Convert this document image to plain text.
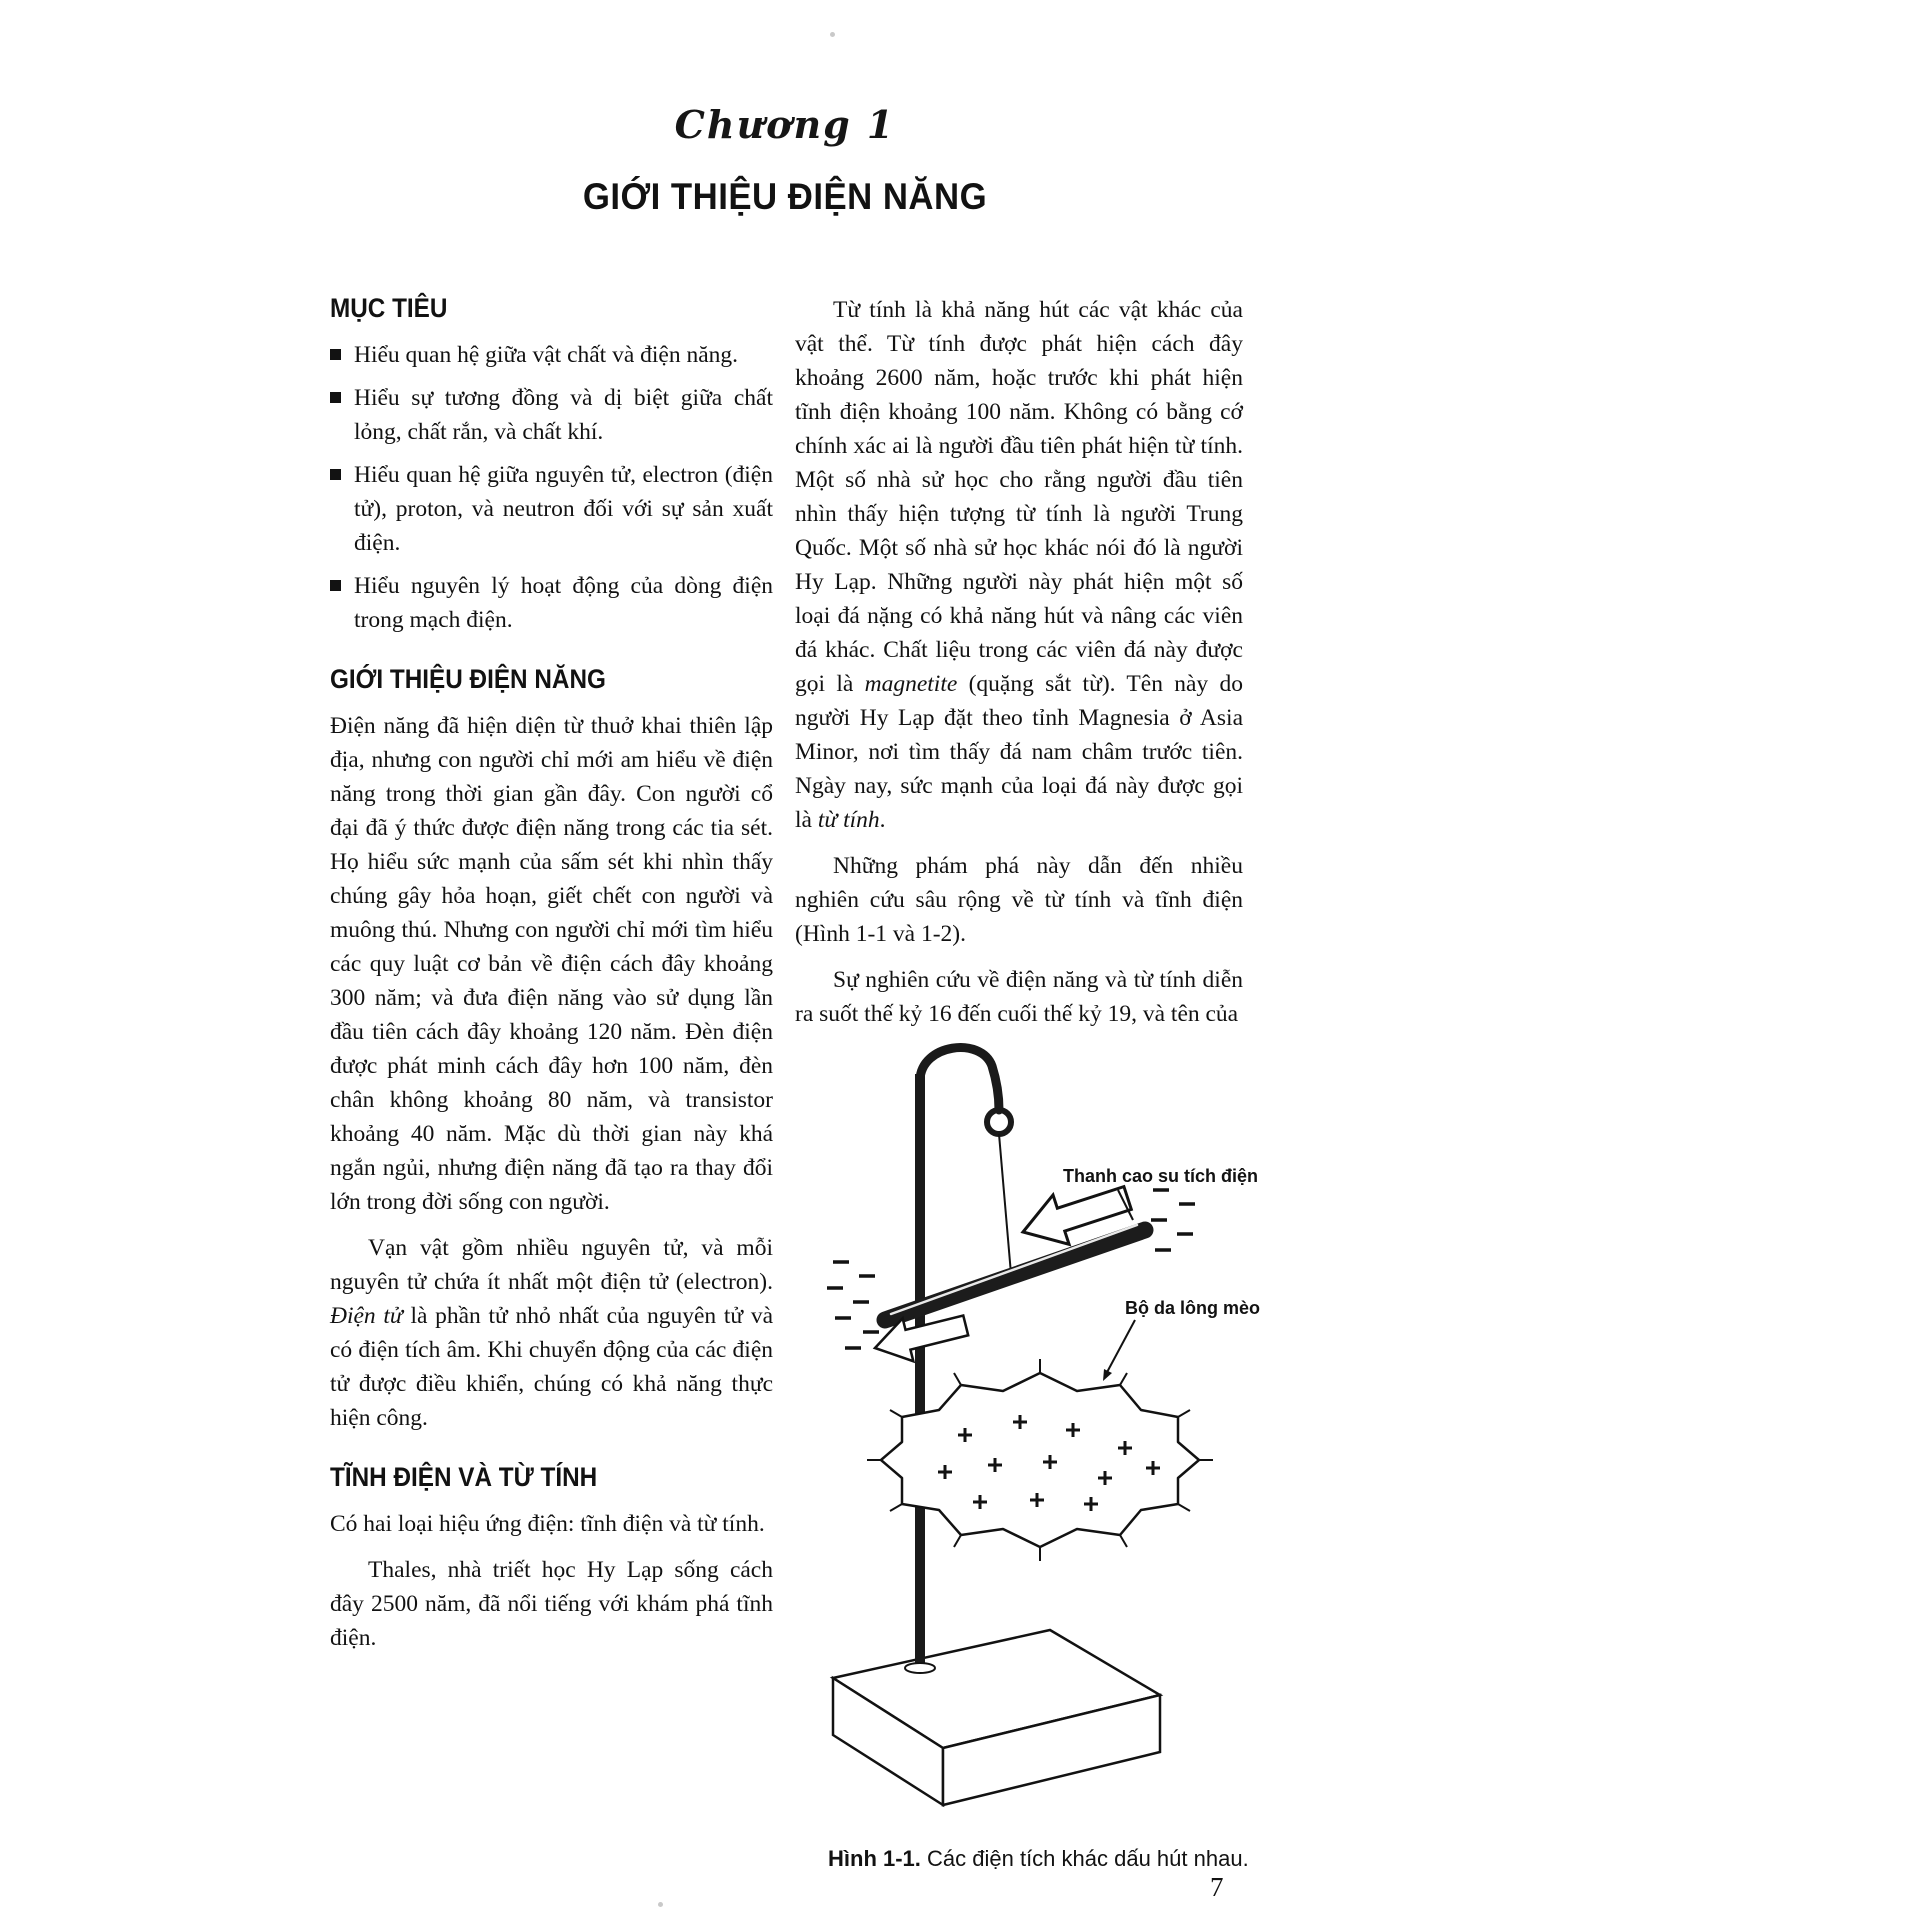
Chương 1
GIỚI THIỆU ĐIỆN NĂNG
MỤC TIÊU
Hiểu quan hệ giữa vật chất và điện năng.
Hiểu sự tương đồng và dị biệt giữa chất lỏng, chất rắn, và chất khí.
Hiểu quan hệ giữa nguyên tử, electron (điện tử), proton, và neutron đối với sự sản xuất điện.
Hiểu nguyên lý hoạt động của dòng điện trong mạch điện.
GIỚI THIỆU ĐIỆN NĂNG

Điện năng đã hiện diện từ thuở khai thiên lập địa, nhưng con người chỉ mới am hiểu về điện năng trong thời gian gần đây. Con người cổ đại đã ý thức được điện năng trong các tia sét. Họ hiểu sức mạnh của sấm sét khi nhìn thấy chúng gây hỏa hoạn, giết chết con người và muông thú. Nhưng con người chỉ mới tìm hiểu các quy luật cơ bản về điện cách đây khoảng 300 năm; và đưa điện năng vào sử dụng lần đầu tiên cách đây khoảng 120 năm. Đèn điện được phát minh cách đây hơn 100 năm, đèn chân không khoảng 80 năm, và transistor khoảng 40 năm. Mặc dù thời gian này khá ngắn ngủi, nhưng điện năng đã tạo ra thay đổi lớn trong đời sống con người.

Vạn vật gồm nhiều nguyên tử, và mỗi nguyên tử chứa ít nhất một điện tử (electron). Điện tử là phần tử nhỏ nhất của nguyên tử và có điện tích âm. Khi chuyển động của các điện tử được điều khiển, chúng có khả năng thực hiện công.

TĨNH ĐIỆN VÀ TỪ TÍNH

Có hai loại hiệu ứng điện: tĩnh điện và từ tính.

Thales, nhà triết học Hy Lạp sống cách đây 2500 năm, đã nổi tiếng với khám phá tĩnh điện.

Từ tính là khả năng hút các vật khác của vật thể. Từ tính được phát hiện cách đây khoảng 2600 năm, hoặc trước khi phát hiện tĩnh điện khoảng 100 năm. Không có bằng cớ chính xác ai là người đầu tiên phát hiện từ tính. Một số nhà sử học cho rằng người đầu tiên nhìn thấy hiện tượng từ tính là người Trung Quốc. Một số nhà sử học khác nói đó là người Hy Lạp. Những người này phát hiện một số loại đá nặng có khả năng hút và nâng các viên đá khác. Chất liệu trong các viên đá này được gọi là magnetite (quặng sắt từ). Tên này do người Hy Lạp đặt theo tỉnh Magnesia ở Asia Minor, nơi tìm thấy đá nam châm trước tiên. Ngày nay, sức mạnh của loại đá này được gọi là từ tính.

Những phám phá này dẫn đến nhiều nghiên cứu sâu rộng về từ tính và tĩnh điện (Hình 1-1 và 1-2).

Sự nghiên cứu về điện năng và từ tính diễn ra suốt thế kỷ 16 đến cuối thế kỷ 19, và tên của

Thanh cao su tích điện
Bộ da lông mèo
Hình 1-1. Các điện tích khác dấu hút nhau.
7
